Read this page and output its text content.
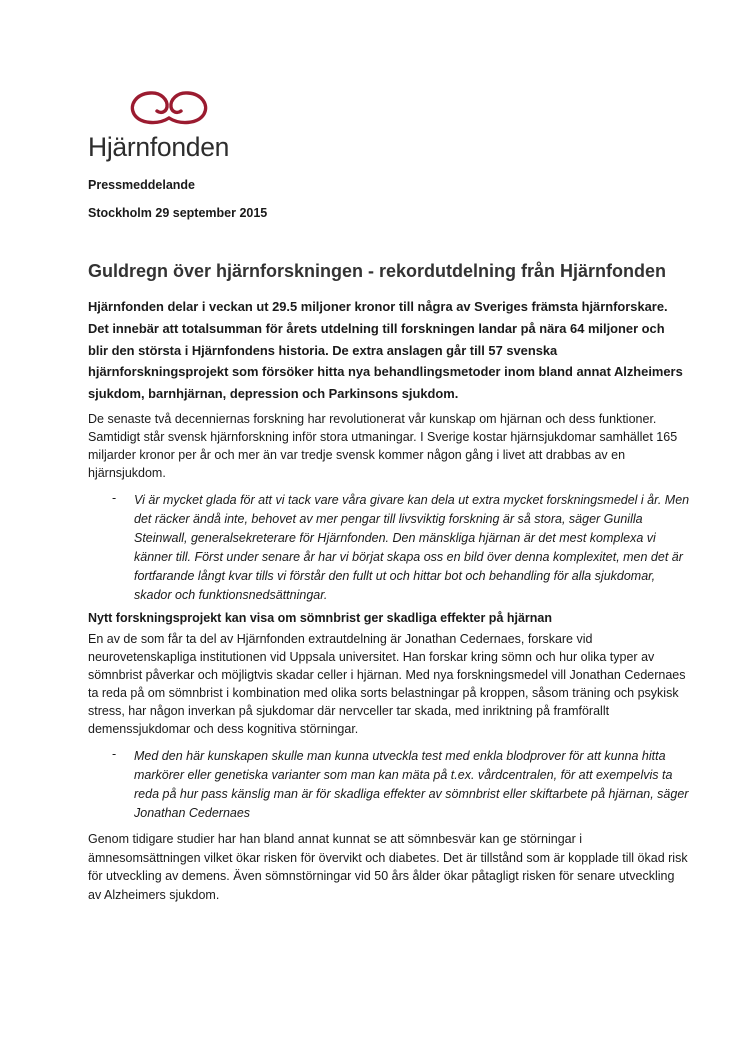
Hjärnfonden
Pressmeddelande
Stockholm 29 september 2015
Guldregn över hjärnforskningen - rekordutdelning från Hjärnfonden

Hjärnfonden delar i veckan ut 29.5 miljoner kronor till några av Sveriges främsta hjärnforskare. Det innebär att totalsumman för årets utdelning till forskningen landar på nära 64 miljoner och blir den största i Hjärnfondens historia. De extra anslagen går till 57 svenska hjärnforskningsprojekt som försöker hitta nya behandlingsmetoder inom bland annat Alzheimers sjukdom, barnhjärnan, depression och Parkinsons sjukdom.

De senaste två decenniernas forskning har revolutionerat vår kunskap om hjärnan och dess funktioner. Samtidigt står svensk hjärnforskning inför stora utmaningar. I Sverige kostar hjärnsjukdomar samhället 165 miljarder kronor per år och mer än var tredje svensk kommer någon gång i livet att drabbas av en hjärnsjukdom.

- Vi är mycket glada för att vi tack vare våra givare kan dela ut extra mycket forskningsmedel i år. Men det räcker ändå inte, behovet av mer pengar till livsviktig forskning är så stora, säger Gunilla Steinwall, generalsekreterare för Hjärnfonden. Den mänskliga hjärnan är det mest komplexa vi känner till. Först under senare år har vi börjat skapa oss en bild över denna komplexitet, men det är fortfarande långt kvar tills vi förstår den fullt ut och hittar bot och behandling för alla sjukdomar, skador och funktionsnedsättningar.

Nytt forskningsprojekt kan visa om sömnbrist ger skadliga effekter på hjärnan

En av de som får ta del av Hjärnfonden extrautdelning är Jonathan Cedernaes, forskare vid neurovetenskapliga institutionen vid Uppsala universitet. Han forskar kring sömn och hur olika typer av sömnbrist påverkar och möjligtvis skadar celler i hjärnan. Med nya forskningsmedel vill Jonathan Cedernaes ta reda på om sömnbrist i kombination med olika sorts belastningar på kroppen, såsom träning och psykisk stress, har någon inverkan på sjukdomar där nervceller tar skada, med inriktning på framförallt demenssjukdomar och dess kognitiva störningar.

- Med den här kunskapen skulle man kunna utveckla test med enkla blodprover för att kunna hitta markörer eller genetiska varianter som man kan mäta på t.ex. vårdcentralen, för att exempelvis ta reda på hur pass känslig man är för skadliga effekter av sömnbrist eller skiftarbete på hjärnan, säger Jonathan Cedernaes

Genom tidigare studier har han bland annat kunnat se att sömnbesvär kan ge störningar i ämnesomsättningen vilket ökar risken för övervikt och diabetes. Det är tillstånd som är kopplade till ökad risk för utveckling av demens. Även sömnstörningar vid 50 års ålder ökar påtagligt risken för senare utveckling av Alzheimers sjukdom.
